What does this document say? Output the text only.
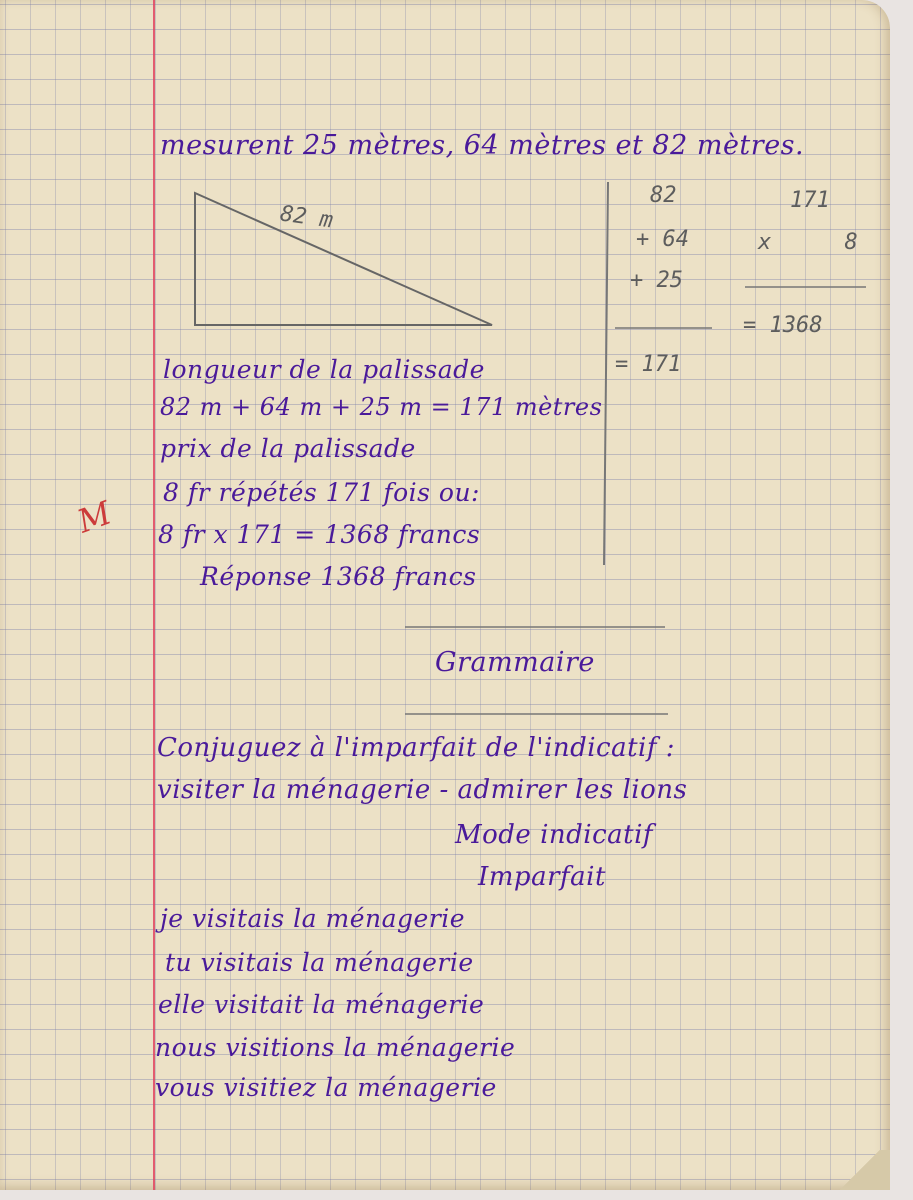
mesurent 25 mètres, 64 mètres et 82 mètres.
82 m
longueur de la palissade
82 m + 64 m + 25 m = 171 mètres
prix de la palissade
8 fr répétés 171 fois ou:
8 fr x 171 = 1368 francs
Réponse 1368 francs
82
+ 64
+ 25
= 171
171
x 8
= 1368
M
Grammaire
Conjuguez à l'imparfait de l'indicatif :
visiter la ménagerie - admirer les lions
Mode indicatif
Imparfait
je visitais la ménagerie
tu visitais la ménagerie
elle visitait la ménagerie
nous visitions la ménagerie
vous visitiez la ménagerie
